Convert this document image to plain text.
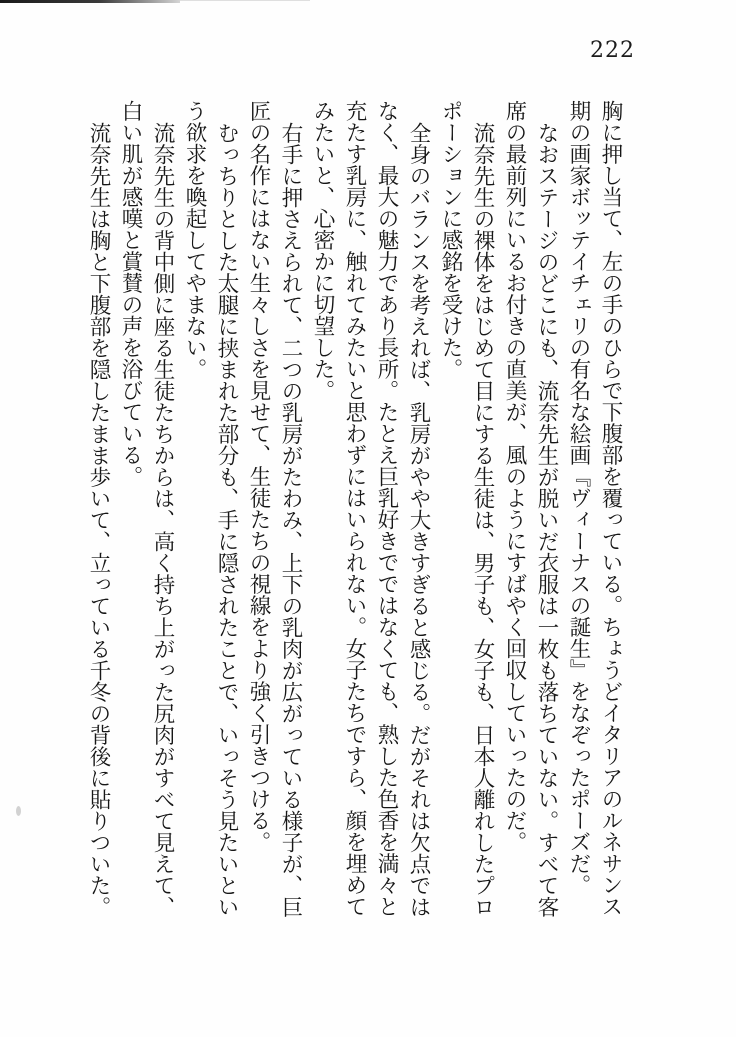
222

胸に押し当て、左の手のひらで下腹部を覆っている。ちょうどイタリアのルネサンス期の画家ボッテイチェリの有名な絵画『ヴィーナスの誕生』をなぞったポーズだ。

なおステージのどこにも、流奈先生が脱いだ衣服は一枚も落ちていない。すべて客席の最前列にいるお付きの直美が、風のようにすばやく回収していったのだ。

流奈先生の裸体をはじめて目にする生徒は、男子も、女子も、日本人離れしたプロポーションに感銘を受けた。

全身のバランスを考えれば、乳房がやや大きすぎると感じる。だがそれは欠点ではなく、最大の魅力であり長所。たとえ巨乳好きでではなくても、熟した色香を満々と充たす乳房に、触れてみたいと思わずにはいられない。女子たちですら、顔を埋めてみたいと、心密かに切望した。

右手に押さえられて、二つの乳房がたわみ、上下の乳肉が広がっている様子が、巨匠の名作にはない生々しさを見せて、生徒たちの視線をより強く引きつける。

むっちりとした太腿に挟まれた部分も、手に隠されたことで、いっそう見たいという欲求を喚起してやまない。

流奈先生の背中側に座る生徒たちからは、高く持ち上がった尻肉がすべて見えて、白い肌が感嘆と賞賛の声を浴びている。

流奈先生は胸と下腹部を隠したまま歩いて、立っている千冬の背後に貼りついた。
